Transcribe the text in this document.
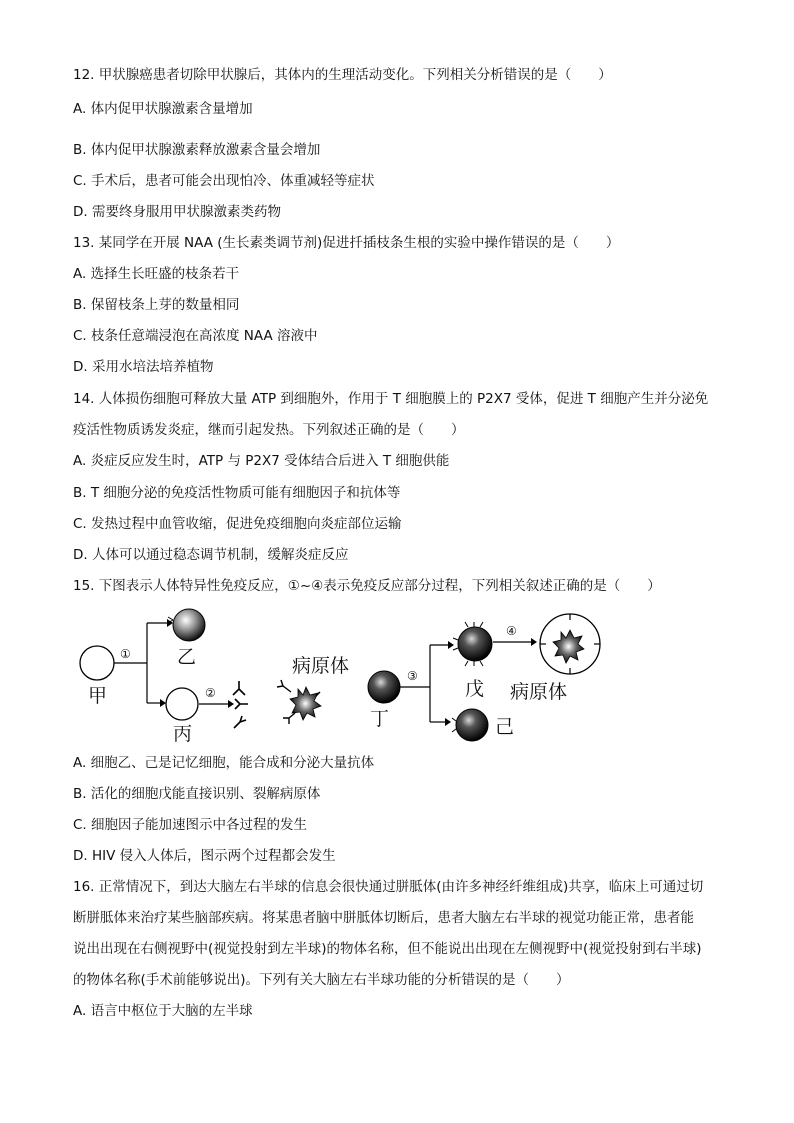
12. 甲状腺癌患者切除甲状腺后，其体内的生理活动变化。下列相关分析错误的是（　　）
A. 体内促甲状腺激素含量增加
B. 体内促甲状腺激素释放激素含量会增加
C. 手术后，患者可能会出现怕冷、体重减轻等症状
D. 需要终身服用甲状腺激素类药物
13. 某同学在开展 NAA (生长素类调节剂)促进扦插枝条生根的实验中操作错误的是（　　）
A. 选择生长旺盛的枝条若干
B. 保留枝条上芽的数量相同
C. 枝条任意端浸泡在高浓度 NAA 溶液中
D. 采用水培法培养植物
14. 人体损伤细胞可释放大量 ATP 到细胞外，作用于 T 细胞膜上的 P2X7 受体，促进 T 细胞产生并分泌免
疫活性物质诱发炎症，继而引起发热。下列叙述正确的是（　　）
A. 炎症反应发生时，ATP 与 P2X7 受体结合后进入 T 细胞供能
B. T 细胞分泌的免疫活性物质可能有细胞因子和抗体等
C. 发热过程中血管收缩，促进免疫细胞向炎症部位运输
D. 人体可以通过稳态调节机制，缓解炎症反应
15. 下图表示人体特异性免疫反应，①~④表示免疫反应部分过程，下列相关叙述正确的是（　　）
甲
① 乙
丙
②
病原体
丁
③
戊
己
④
病原体
A. 细胞乙、己是记忆细胞，能合成和分泌大量抗体
B. 活化的细胞戊能直接识别、裂解病原体
C. 细胞因子能加速图示中各过程的发生
D. HIV 侵入人体后，图示两个过程都会发生
16. 正常情况下，到达大脑左右半球的信息会很快通过胼胝体(由许多神经纤维组成)共享，临床上可通过切
断胼胝体来治疗某些脑部疾病。将某患者脑中胼胝体切断后，患者大脑左右半球的视觉功能正常，患者能
说出出现在右侧视野中(视觉投射到左半球)的物体名称，但不能说出出现在左侧视野中(视觉投射到右半球)
的物体名称(手术前能够说出)。下列有关大脑左右半球功能的分析错误的是（　　）
A. 语言中枢位于大脑的左半球
